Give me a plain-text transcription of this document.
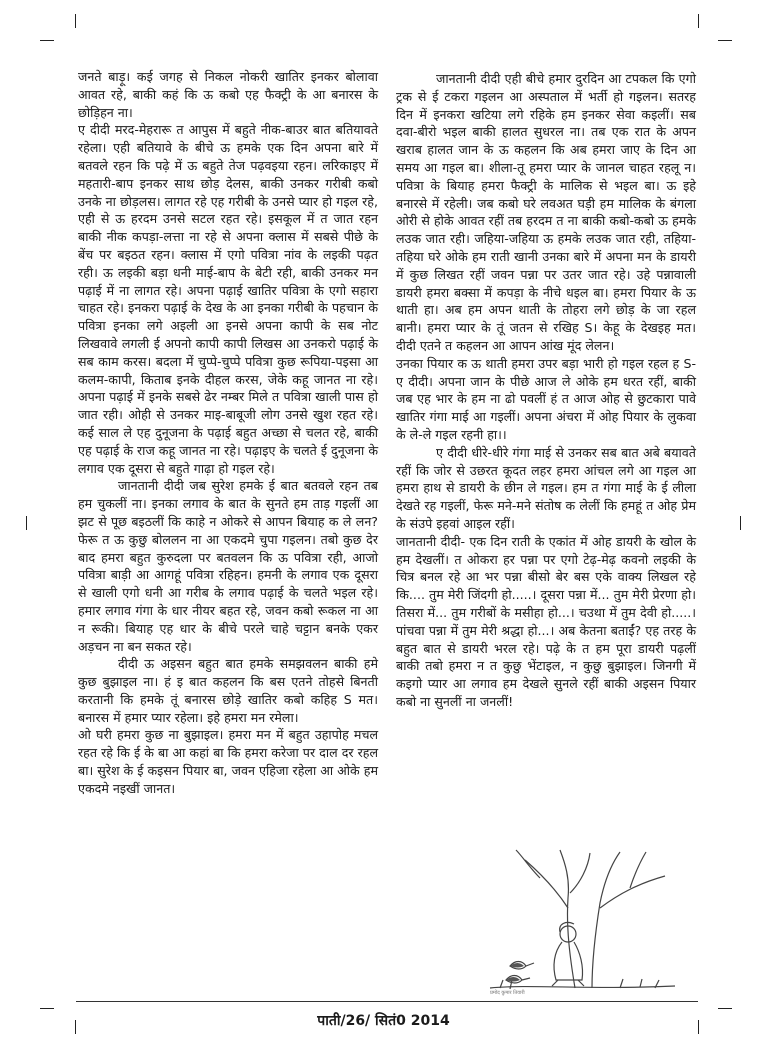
जनते बाड़ू। कई जगह से निकल नोकरी खातिर इनकर बोलावा आवत रहे, बाकी कहं कि ऊ कबो एह फैक्ट्री के आ बनारस के छोड़िहन ना।

ए दीदी मरद-मेहरारू त आपुस में बहुते नीक-बाउर बात बतियावते रहेला। एही बतियावे के बीचे ऊ हमके एक दिन अपना बारे में बतवले रहन कि पढ़े में ऊ बहुते तेज पढ़वइया रहन। लरिकाइए में महतारी-बाप इनकर साथ छोड़ देलस, बाकी उनकर गरीबी कबो उनके ना छोड़लस। लागत रहे एह गरीबी के उनसे प्यार हो गइल रहे, एही से ऊ हरदम उनसे सटल रहत रहे। इसकूल में त जात रहन बाकी नीक कपड़ा-लत्ता ना रहे से अपना क्लास में सबसे पीछे के बेंच पर बइठत रहन। क्लास में एगो पवित्रा नांव के लइकी पढ़त रही। ऊ लइकी बड़ा धनी माई-बाप के बेटी रही, बाकी उनकर मन पढ़ाई में ना लागत रहे। अपना पढ़ाई खातिर पवित्रा के एगो सहारा चाहत रहे। इनकरा पढ़ाई के देख के आ इनका गरीबी के पहचान के पवित्रा इनका लगे अइली आ इनसे अपना कापी के सब नोट लिखवावे लगली ई अपनो कापी कापी लिखस आ उनकरो पढ़ाई के सब काम करस। बदला में चुप्पे-चुप्पे पवित्रा कुछ रूपिया-पइसा आ कलम-कापी, किताब इनके दीहल करस, जेके कहू जानत ना रहे। अपना पढ़ाई में इनके सबसे ढेर नम्बर मिले त पवित्रा खाली पास हो जात रही। ओही से उनकर माइ-बाबूजी लोग उनसे खुश रहत रहे। कई साल ले एह दुनूजना के पढ़ाई बहुत अच्छा से चलत रहे, बाकी एह पढ़ाई के राज कहू जानत ना रहे। पढ़ाइए के चलते ई दुनूजना के लगाव एक दूसरा से बहुते गाढ़ा हो गइल रहे।

जानतानी दीदी जब सुरेश हमके ई बात बतवले रहन तब हम चुकलीं ना। इनका लगाव के बात के सुनते हम ताड़ गइलीं आ झट से पूछ बइठलीं कि काहे न ओकरे से आपन बियाह क ले लन? फेरू त ऊ कुछु बोललन ना आ एकदमे चुपा गइलन। तबो कुछ देर बाद हमरा बहुत कुरुदला पर बतवलन कि ऊ पवित्रा रही, आजो पवित्रा बाड़ी आ आगहूं पवित्रा रहिहन। हमनी के लगाव एक दूसरा से खाली एगो धनी आ गरीब के लगाव पढ़ाई के चलते भइल रहे। हमार लगाव गंगा के धार नीयर बहत रहे, जवन कबो रूकल ना आ न रूकी। बियाह एह धार के बीचे परले चाहे चट्टान बनके एकर अड़चन ना बन सकत रहे।

दीदी ऊ अइसन बहुत बात हमके समझवलन बाकी हमे कुछ बुझाइल ना। हं इ बात कहलन कि बस एतने तोहसे बिनती करतानी कि हमके तूं बनारस छोड़े खातिर कबो कहिह S मत। बनारस में हमार प्यार रहेला। इहे हमरा मन रमेला।

ओ घरी हमरा कुछ ना बुझाइल। हमरा मन में बहुत उहापोह मचल रहत रहे कि ई के बा आ कहां बा कि हमरा करेजा पर दाल दर रहल बा। सुरेश के ई कइसन पियार बा, जवन एहिजा रहेला आ ओके हम एकदमे नइखीं जानत।

जानतानी दीदी एही बीचे हमार दुरदिन आ टपकल कि एगो ट्रक से ई टकरा गइलन आ अस्पताल में भर्ती हो गइलन। सतरह दिन में इनकरा खटिया लगे रहिके हम इनकर सेवा कइलीं। सब दवा-बीरो भइल बाकी हालत सुधरल ना। तब एक रात के अपन खराब हालत जान के ऊ कहलन कि अब हमरा जाए के दिन आ समय आ गइल बा। शीला-तू हमरा प्यार के जानल चाहत रहलू न। पवित्रा के बियाह हमरा फैक्ट्री के मालिक से भइल बा। ऊ इहे बनारसे में रहेली। जब कबो घरे लवअत घड़ी हम मालिक के बंगला ओरी से होके आवत रहीं तब हरदम त ना बाकी कबो-कबो ऊ हमके लउक जात रही। जहिया-जहिया ऊ हमके लउक जात रही, तहिया-तहिया घरे ओके हम राती खानी उनका बारे में अपना मन के डायरी में कुछ लिखत रहीं जवन पन्ना पर उतर जात रहे। उहे पन्नावाली डायरी हमरा बक्सा में कपड़ा के नीचे धइल बा। हमरा पियार के ऊ थाती हा। अब हम अपन थाती के तोहरा लगे छोड़ के जा रहल बानी। हमरा प्यार के तूं जतन से रखिह S। केहू के देखइह मत। दीदी एतने त कहलन आ आपन आंख मूंद लेलन।

उनका पियार क ऊ थाती हमरा उपर बड़ा भारी हो गइल रहल ह S- ए दीदी। अपना जान के पीछे आज ले ओके हम धरत रहीं, बाकी जब एह भार के हम ना ढो पवलीं हं त आज ओह से छुटकारा पावे खातिर गंगा माई आ गइलीं। अपना अंचरा में ओह पियार के लुकवा के ले-ले गइल रहनी हा।।

ए दीदी धीरे-धीरे गंगा माई से उनकर सब बात अबे बयावते रहीं कि जोर से उछरत कूदत लहर हमरा आंचल लगे आ गइल आ हमरा हाथ से डायरी के छीन ले गइल। हम त गंगा माई के ई लीला देखते रह गइलीं, फेरू मने-मने संतोष क लेलीं कि हमहूं त ओह प्रेम के संउपे इहवां आइल रहीं।

जानतानी दीदी- एक दिन राती के एकांत में ओह डायरी के खोल के हम देखलीं। त ओकरा हर पन्ना पर एगो टेढ़-मेढ़ कवनो लइकी के चित्र बनल रहे आ भर पन्ना बीसो बेर बस एके वाक्य लिखल रहे कि.... तुम मेरी जिंदगी हो.....। दूसरा पन्ना में... तुम मेरी प्रेरणा हो। तिसरा में... तुम गरीबों के मसीहा हो...। चउथा में तुम देवी हो.....। पांचवा पन्ना में तुम मेरी श्रद्धा हो...। अब केतना बताईं? एह तरह के बहुत बात से डायरी भरल रहे। पढ़े के त हम पूरा डायरी पढ़लीं बाकी तबो हमरा न त कुछु भेंटाइल, न कुछु बुझाइल। जिनगी में कइगो प्यार आ लगाव हम देखले सुनले रहीं बाकी अइसन पियार कबो ना सुनलीं ना जनलीं!

प्रमोद कुमार तिवारी
पाती/26/ सितं0 2014
